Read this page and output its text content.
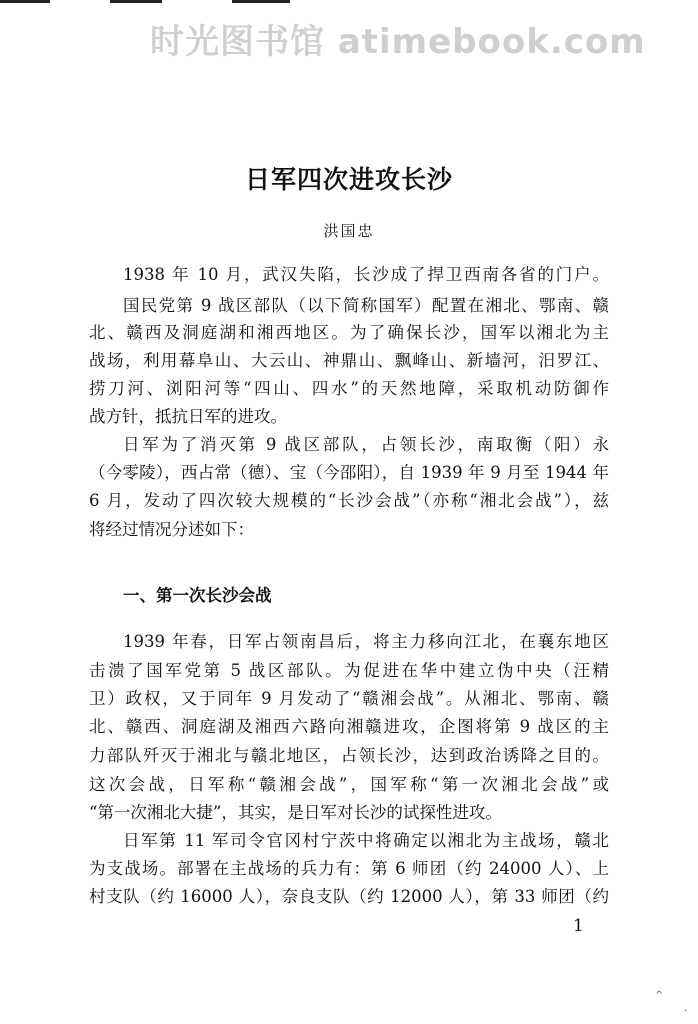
时光图书馆 atimebook.com
日军四次进攻长沙
洪国忠
1938 年 10 月，武汉失陷，长沙成了捍卫西南各省的门户。
国民党第 9 战区部队（以下简称国军）配置在湘北、鄂南、赣
北、赣西及洞庭湖和湘西地区。为了确保长沙，国军以湘北为主
战场，利用幕阜山、大云山、神鼎山、飘峰山、新墙河，汨罗江、
捞刀河、浏阳河等“四山、四水”的天然地障，采取机动防御作
战方针，抵抗日军的进攻。
日军为了消灭第 9 战区部队，占领长沙，南取衡（阳）永
（今零陵），西占常（德）、宝（今邵阳），自 1939 年 9 月至 1944 年
6 月，发动了四次较大规模的“长沙会战”（亦称“湘北会战”），兹
将经过情况分述如下：
一、第一次长沙会战
1939 年春，日军占领南昌后，将主力移向江北，在襄东地区
击溃了国军党第 5 战区部队。为促进在华中建立伪中央（汪精
卫）政权，又于同年 9 月发动了“赣湘会战”。从湘北、鄂南、赣
北、赣西、洞庭湖及湘西六路向湘赣进攻，企图将第 9 战区的主
力部队歼灭于湘北与赣北地区，占领长沙，达到政治诱降之目的。
这次会战，日军称“赣湘会战”，国军称“第一次湘北会战”或
“第一次湘北大捷”，其实，是日军对长沙的试探性进攻。
日军第 11 军司令官冈村宁茨中将确定以湘北为主战场，赣北
为支战场。部署在主战场的兵力有：第 6 师团（约 24000 人）、上
村支队（约 16000 人），奈良支队（约 12000 人），第 33 师团（约
1
^
·
